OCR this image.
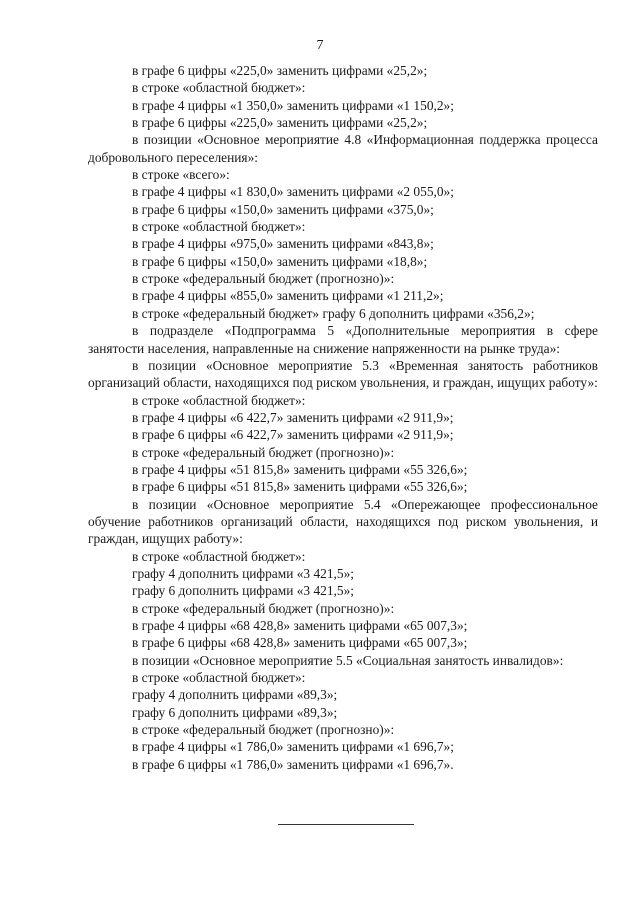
7

в графе 6 цифры «225,0» заменить цифрами «25,2»;

в строке «областной бюджет»:

в графе 4 цифры «1 350,0» заменить цифрами «1 150,2»;

в графе 6 цифры «225,0» заменить цифрами «25,2»;

в позиции «Основное мероприятие 4.8 «Информационная поддержка процесса добровольного переселения»:

в строке «всего»:

в графе 4 цифры «1 830,0» заменить цифрами «2 055,0»;

в графе 6 цифры «150,0» заменить цифрами «375,0»;

в строке «областной бюджет»:

в графе 4 цифры «975,0» заменить цифрами «843,8»;

в графе 6 цифры «150,0» заменить цифрами «18,8»;

в строке «федеральный бюджет (прогнозно)»:

в графе 4 цифры «855,0» заменить цифрами «1 211,2»;

в строке «федеральный бюджет» графу 6 дополнить цифрами «356,2»;

в подразделе «Подпрограмма 5 «Дополнительные мероприятия в сфере занятости населения, направленные на снижение напряженности на рынке труда»:

в позиции «Основное мероприятие 5.3 «Временная занятость работников организаций области, находящихся под риском увольнения, и граждан, ищущих работу»:

в строке «областной бюджет»:

в графе 4 цифры «6 422,7» заменить цифрами «2 911,9»;

в графе 6 цифры «6 422,7» заменить цифрами «2 911,9»;

в строке «федеральный бюджет (прогнозно)»:

в графе 4 цифры «51 815,8» заменить цифрами «55 326,6»;

в графе 6 цифры «51 815,8» заменить цифрами «55 326,6»;

в позиции «Основное мероприятие 5.4 «Опережающее профессиональное обучение работников организаций области, находящихся под риском увольнения, и граждан, ищущих работу»:

в строке «областной бюджет»:

графу 4 дополнить цифрами «3 421,5»;

графу 6 дополнить цифрами «3 421,5»;

в строке «федеральный бюджет (прогнозно)»:

в графе 4 цифры «68 428,8» заменить цифрами «65 007,3»;

в графе 6 цифры «68 428,8» заменить цифрами «65 007,3»;

в позиции «Основное мероприятие 5.5 «Социальная занятость инвалидов»:

в строке «областной бюджет»:

графу 4 дополнить цифрами «89,3»;

графу 6 дополнить цифрами «89,3»;

в строке «федеральный бюджет (прогнозно)»:

в графе 4 цифры «1 786,0» заменить цифрами «1 696,7»;

в графе 6 цифры «1 786,0» заменить цифрами «1 696,7».
